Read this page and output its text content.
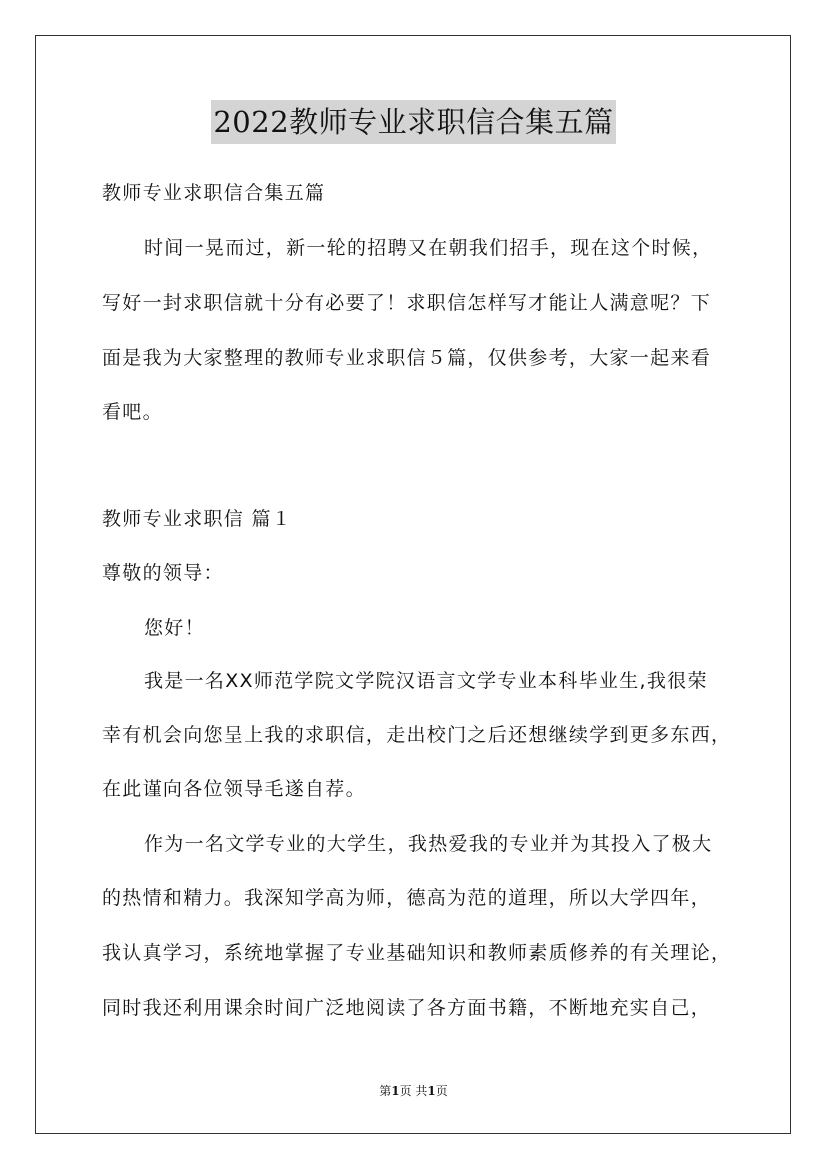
2022教师专业求职信合集五篇
教师专业求职信合集五篇
时间一晃而过，新一轮的招聘又在朝我们招手，现在这个时候，
写好一封求职信就十分有必要了！求职信怎样写才能让人满意呢？下
面是我为大家整理的教师专业求职信５篇，仅供参考，大家一起来看
看吧。
教师专业求职信 篇１
尊敬的领导：
您好！
我是一名XX师范学院文学院汉语言文学专业本科毕业生,我很荣
幸有机会向您呈上我的求职信，走出校门之后还想继续学到更多东西，
在此谨向各位领导毛遂自荐。
作为一名文学专业的大学生，我热爱我的专业并为其投入了极大
的热情和精力。我深知学高为师，德高为范的道理，所以大学四年，
我认真学习，系统地掌握了专业基础知识和教师素质修养的有关理论，
同时我还利用课余时间广泛地阅读了各方面书籍，不断地充实自己，
第1页 共1页
